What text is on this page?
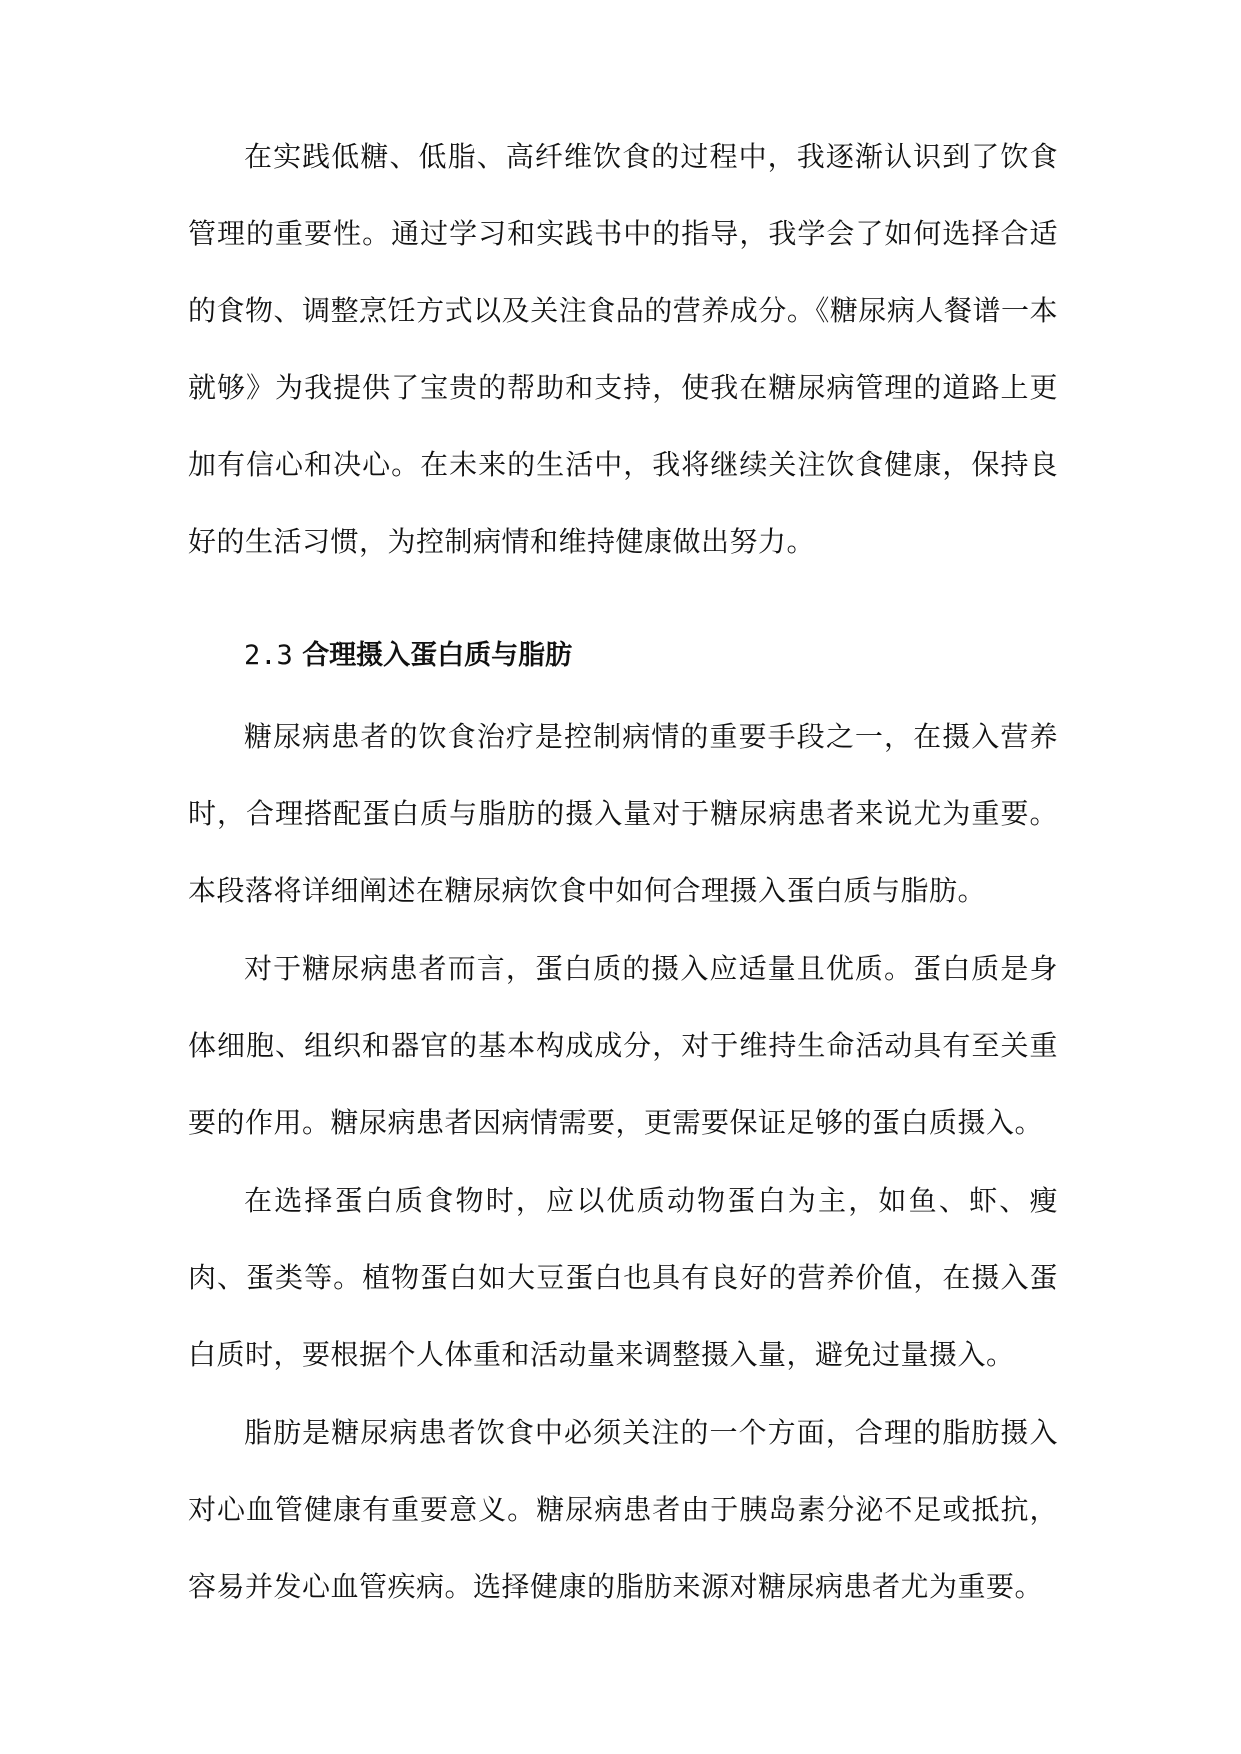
在实践低糖、低脂、高纤维饮食的过程中，我逐渐认识到了饮食管理的重要性。通过学习和实践书中的指导，我学会了如何选择合适的食物、调整烹饪方式以及关注食品的营养成分。《糖尿病人餐谱一本就够》为我提供了宝贵的帮助和支持，使我在糖尿病管理的道路上更加有信心和决心。在未来的生活中，我将继续关注饮食健康，保持良好的生活习惯，为控制病情和维持健康做出努力。

2.3 合理摄入蛋白质与脂肪

糖尿病患者的饮食治疗是控制病情的重要手段之一，在摄入营养时，合理搭配蛋白质与脂肪的摄入量对于糖尿病患者来说尤为重要。本段落将详细阐述在糖尿病饮食中如何合理摄入蛋白质与脂肪。

对于糖尿病患者而言，蛋白质的摄入应适量且优质。蛋白质是身体细胞、组织和器官的基本构成成分，对于维持生命活动具有至关重要的作用。糖尿病患者因病情需要，更需要保证足够的蛋白质摄入。

在选择蛋白质食物时，应以优质动物蛋白为主，如鱼、虾、瘦肉、蛋类等。植物蛋白如大豆蛋白也具有良好的营养价值，在摄入蛋白质时，要根据个人体重和活动量来调整摄入量，避免过量摄入。

脂肪是糖尿病患者饮食中必须关注的一个方面，合理的脂肪摄入对心血管健康有重要意义。糖尿病患者由于胰岛素分泌不足或抵抗，容易并发心血管疾病。选择健康的脂肪来源对糖尿病患者尤为重要。
